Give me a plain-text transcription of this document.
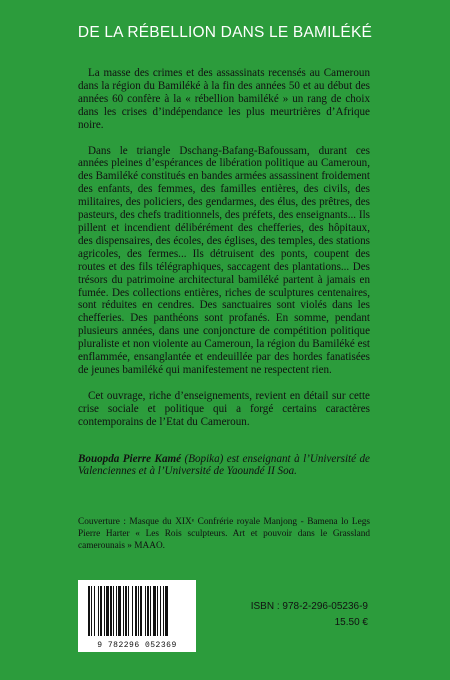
DE LA RÉBELLION DANS LE BAMILÉKÉ

La masse des crimes et des assassinats recensés au Cameroun dans la région du Bamiléké à la fin des années 50 et au début des années 60 confère à la « rébellion bamiléké » un rang de choix dans les crises d’indépendance les plus meurtrières d’Afrique noire.

Dans le triangle Dschang-Bafang-Bafoussam, durant ces années pleines d’espérances de libération politique au Cameroun, des Bamiléké constitués en bandes armées assassinent froidement des enfants, des femmes, des familles entières, des civils, des militaires, des policiers, des gendarmes, des élus, des prêtres, des pasteurs, des chefs traditionnels, des préfets, des enseignants... Ils pillent et incendient délibérément des chefferies, des hôpitaux, des dispensaires, des écoles, des églises, des temples, des stations agricoles, des fermes... Ils détruisent des ponts, coupent des routes et des fils télégraphiques, saccagent des plantations... Des trésors du patrimoine architectural bamiléké partent à jamais en fumée. Des collections entières, riches de sculptures centenaires, sont réduites en cendres. Des sanctuaires sont violés dans les chefferies. Des panthéons sont profanés. En somme, pendant plusieurs années, dans une conjoncture de compétition politique pluraliste et non violente au Cameroun, la région du Bamiléké est enflammée, ensanglantée et endeuillée par des hordes fanatisées de jeunes bamiléké qui manifestement ne respectent rien.

Cet ouvrage, riche d’enseignements, revient en détail sur cette crise sociale et politique qui a forgé certains caractères contemporains de l’Etat du Cameroun.

Bouopda Pierre Kamé (Bopika) est enseignant à l’Université de Valenciennes et à l’Université de Yaoundé II Soa.

Couverture : Masque du XIXᵉ Confrérie royale Manjong - Bamena lo Legs Pierre Harter « Les Rois sculpteurs. Art et pouvoir dans le Grassland camerounais » MAAO.
9 782296 052369
ISBN : 978-2-296-05236-9
15.50 €
